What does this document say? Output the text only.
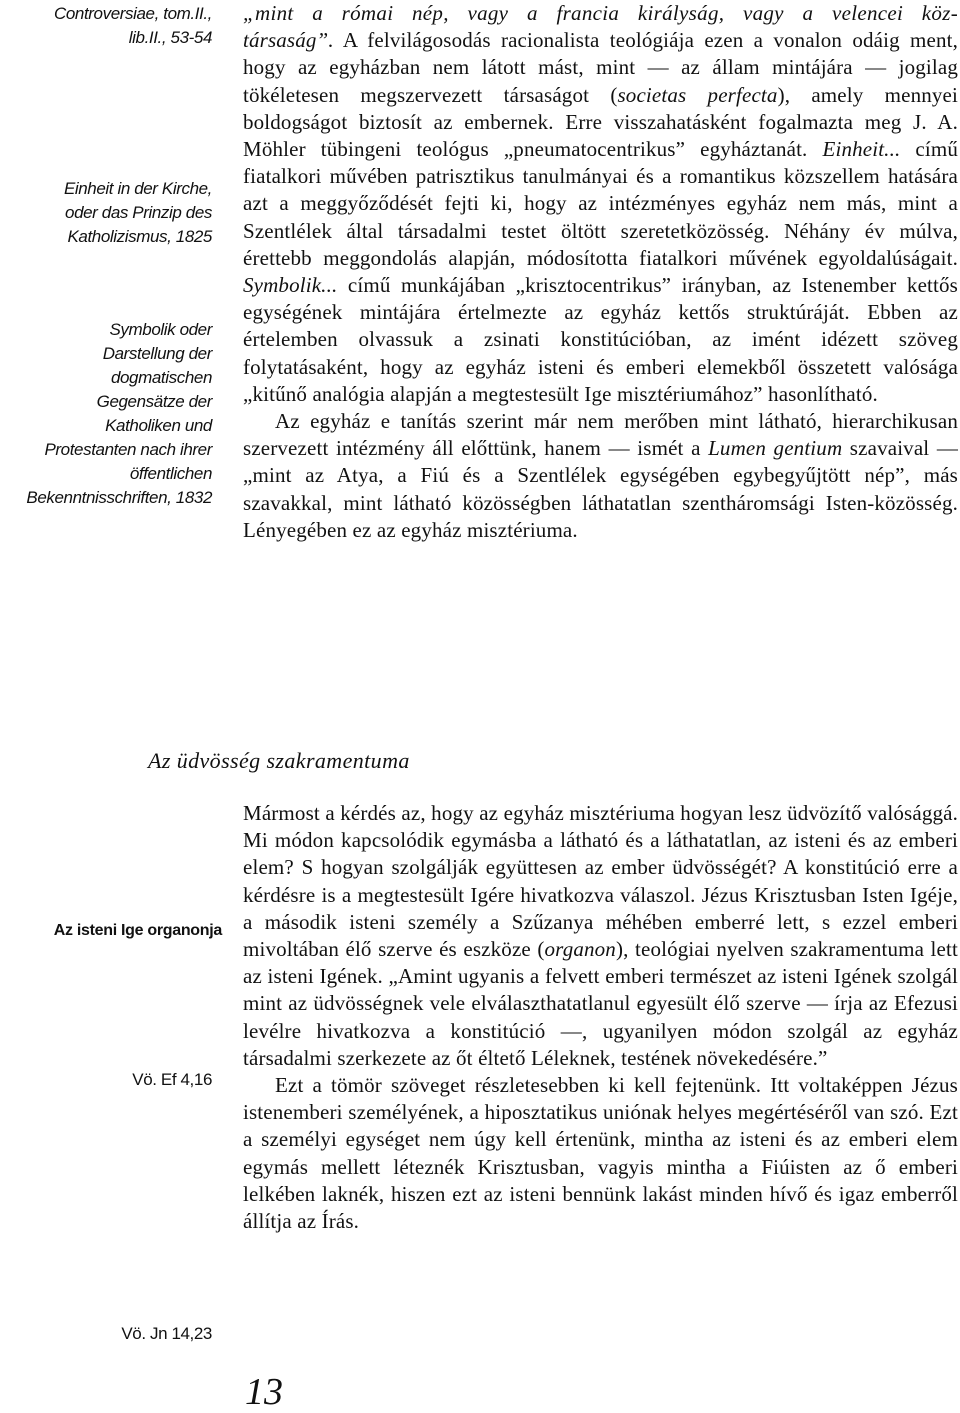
Controversiae, tom.II.,
lib.II., 53-54
Einheit in der Kirche,
oder das Prinzip des
Katholizismus, 1825
Symbolik oder
Darstellung der
dogmatischen
Gegensätze der
Katholiken und
Protestanten nach ihrer
öffentlichen
Bekenntnisschriften, 1832
Az isteni Ige organonja
Vö. Ef 4,16
Vö. Jn 14,23

„mint a római nép, vagy a francia királyság, vagy a velencei köz-
társaság”. A felvilágosodás racionalista teológiája ezen a vonalon odáig ment, hogy az egyházban nem látott mást, mint — az állam mintájára — jogilag tökéletesen megszervezett társaságot (societas perfecta), amely mennyei boldogságot biztosít az embernek. Erre visszahatásként fogalmazta meg J. A. Möhler tübingeni teológus „pneumatocentrikus” egyháztanát. Einheit... című fiatalkori művében patrisztikus tanulmányai és a romantikus közszellem hatására azt a meggyőződését fejti ki, hogy az intézményes egyház nem más, mint a Szentlélek által társadalmi testet öltött szeretetközösség. Néhány év múlva, érettebb meggondolás alapján, módosította fiatalkori művének egyoldalúságait. Symbolik... című munkájában „krisztocentrikus” irányban, az Istenember kettős egységének mintájára értelmezte az egyház kettős struktúráját. Ebben az értelemben olvassuk a zsinati konstitúcióban, az imént idézett szöveg folytatásaként, hogy az egyház isteni és emberi elemekből összetett valósága „kitűnő analógia alapján a megtestesült Ige misztériumához” hasonlítható.

Az egyház e tanítás szerint már nem merőben mint látható, hierarchikusan szervezett intézmény áll előttünk, hanem — ismét a Lumen gentium szavaival — „mint az Atya, a Fiú és a Szentlélek egységében egybegyűjtött nép”, más szavakkal, mint látható közösségben láthatatlan szentháromsági Isten-közösség. Lényegében ez az egyház misztériuma.

Az üdvösség szakramentuma

Mármost a kérdés az, hogy az egyház misztériuma hogyan lesz üdvözítő valósággá. Mi módon kapcsolódik egymásba a látható és a láthatatlan, az isteni és az emberi elem? S hogyan szolgálják együttesen az ember üdvösségét? A konstitúció erre a kérdésre is a megtestesült Igére hivatkozva válaszol. Jézus Krisztusban Isten Igéje, a második isteni személy a Szűzanya méhében emberré lett, s ezzel emberi mivoltában élő szerve és eszköze (organon), teológiai nyelven szakramentuma lett az isteni Igének. „Amint ugyanis a felvett emberi természet az isteni Igének szolgál mint az üdvösségnek vele elválaszthatatlanul egyesült élő szerve — írja az Efezusi levélre hivatkozva a konstitúció —, ugyanilyen módon szolgál az egyház társadalmi szerkezete az őt éltető Léleknek, testének növekedésére.”

Ezt a tömör szöveget részletesebben ki kell fejtenünk. Itt voltaképpen Jézus istenemberi személyének, a hiposztatikus uniónak helyes megértéséről van szó. Ezt a személyi egységet nem úgy kell értenünk, mintha az isteni és az emberi elem egymás mellett léteznék Krisztusban, vagyis mintha a Fiúisten az ő emberi lelkében laknék, hiszen ezt az isteni bennünk lakást minden hívő és igaz emberről állítja az Írás.

13
